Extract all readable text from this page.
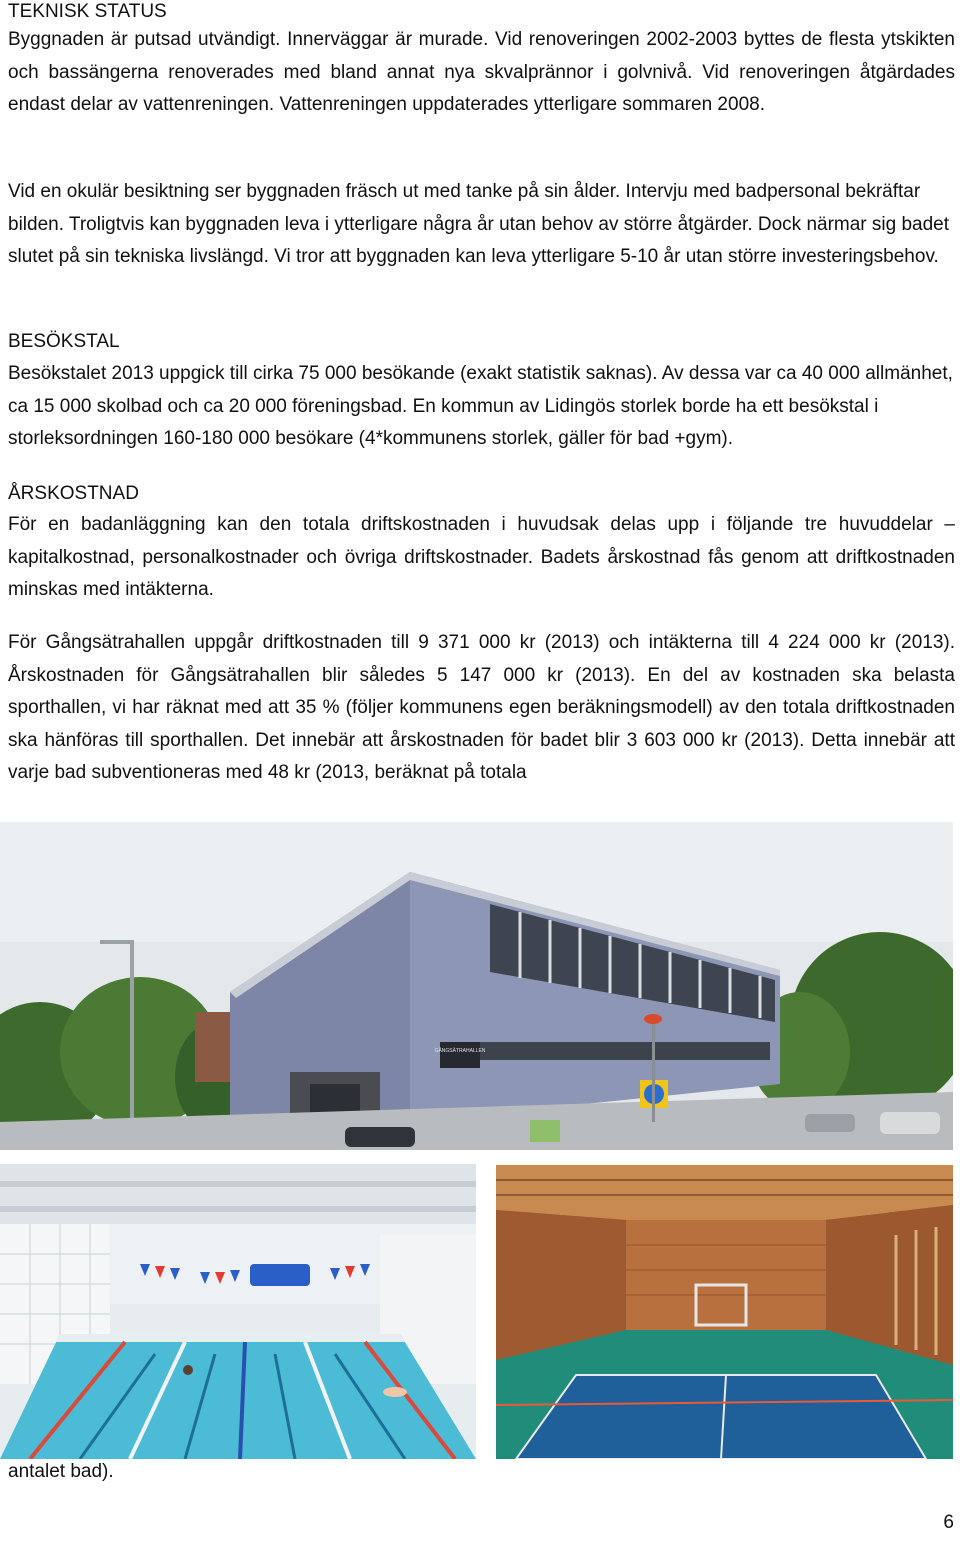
TEKNISK STATUS
Byggnaden är putsad utvändigt. Innerväggar är murade. Vid renoveringen 2002-2003 byttes de flesta ytskikten och bassängerna renoverades med bland annat nya skvalprännor i golvnivå. Vid renoveringen åtgärdades endast delar av vattenreningen. Vattenreningen uppdaterades ytterligare sommaren 2008.
Vid en okulär besiktning ser byggnaden fräsch ut med tanke på sin ålder. Intervju med badpersonal bekräftar bilden. Troligtvis kan byggnaden leva i ytterligare några år utan behov av större åtgärder. Dock närmar sig badet slutet på sin tekniska livslängd. Vi tror att byggnaden kan leva ytterligare 5-10 år utan större investeringsbehov.
BESÖKSTAL
Besökstalet 2013 uppgick till cirka 75 000 besökande (exakt statistik saknas). Av dessa var ca 40 000 allmänhet, ca 15 000 skolbad och ca 20 000 föreningsbad. En kommun av Lidingös storlek borde ha ett besökstal i storleksordningen 160-180 000 besökare (4*kommunens storlek, gäller för bad +gym).
ÅRSKOSTNAD
För en badanläggning kan den totala driftskostnaden i huvudsak delas upp i följande tre huvuddelar – kapitalkostnad, personalkostnader och övriga driftskostnader. Badets årskostnad fås genom att driftkostnaden minskas med intäkterna.
För Gångsätrahallen uppgår driftkostnaden till 9 371 000 kr (2013) och intäkterna till 4 224 000 kr (2013). Årskostnaden för Gångsätrahallen blir således 5 147 000 kr (2013). En del av kostnaden ska belasta sporthallen, vi har räknat med att 35 % (följer kommunens egen beräkningsmodell) av den totala driftkostnaden ska hänföras till sporthallen. Det innebär att årskostnaden för badet blir 3 603 000 kr (2013). Detta innebär att varje bad subventioneras med 48 kr (2013, beräknat på totala
GÅNGSÄTRAHALLEN
antalet bad).
6
